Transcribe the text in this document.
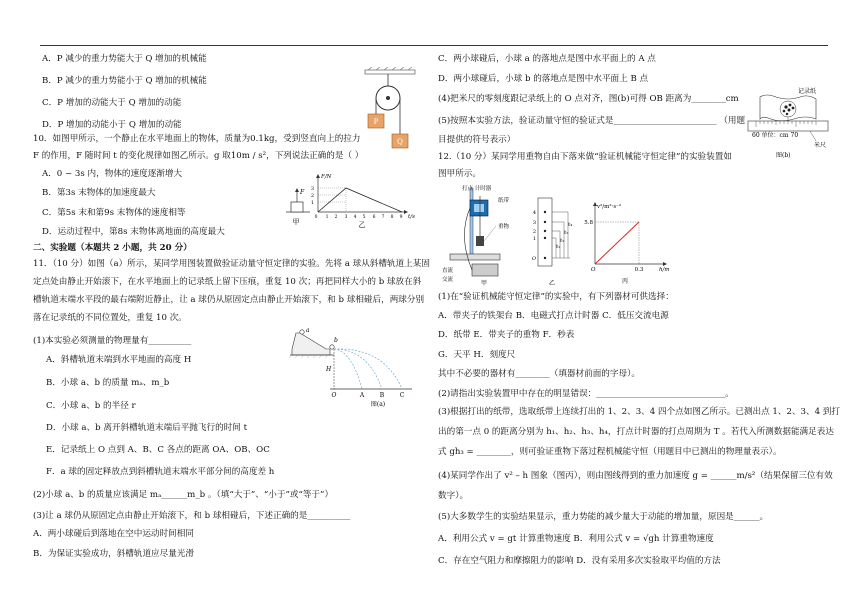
A．P 减少的重力势能大于 Q 增加的机械能
B．P 减少的重力势能小于 Q 增加的机械能
C．P 增加的动能大于 Q 增加的动能
D．P 增加的动能小于 Q 增加的动能
10．如图甲所示，一个静止在水平地面上的物体，质量为0.1kg，受到竖直向上的拉力
F 的作用，F 随时间 t 的变化规律如图乙所示。g 取10m / s²，下列说法正确的是（ ）
A．0 ~ 3s 内，物体的速度逐渐增大
B．第3s 末物体的加速度最大
C．第5s 末和第9s 末物体的速度相等
D．运动过程中，第8s 末物体离地面的高度最大
二、实验题（本题共 2 小题，共 20 分）
11．（10 分）如图（a）所示，某同学用图装置做验证动量守恒定律的实验。先将 a 球从斜槽轨道上某固
定点处由静止开始滚下，在水平地面上的记录纸上留下压痕，重复 10 次；再把同样大小的 b 球放在斜
槽轨道末端水平段的最右端附近静止，让 a 球仍从原固定点由静止开始滚下，和 b 球相碰后，两球分别
落在记录纸的不同位置处，重复 10 次。
(1)本实验必须测量的物理量有__________
A．斜槽轨道末端到水平地面的高度 H
B．小球 a、b 的质量 mₐ、m_b
C．小球 a、b 的半径 r
D．小球 a、b 离开斜槽轨道末端后平抛飞行的时间 t
E．记录纸上 O 点到 A、B、C 各点的距离 OA、OB、OC
F．a 球的固定释放点到斜槽轨道末端水平部分间的高度差 h
(2)小球 a、b 的质量应该满足 mₐ______m_b 。（填“大于”、“小于”或“等于”）
(3)让 a 球仍从原固定点由静止开始滚下，和 b 球相碰后，下述正确的是__________
A．两小球碰后到落地在空中运动时间相同
B．为保证实验成功，斜槽轨道应尽量光滑
C．两小球碰后，小球 a 的落地点是图中水平面上的 A 点
D．两小球碰后，小球 b 的落地点是图中水平面上 B 点
(4)把米尺的零刻度跟记录纸上的 O 点对齐，图(b)可得 OB 距离为________cm
(5)按照本实验方法，验证动量守恒的验证式是________________________ （用题
目提供的符号表示）
12.（10 分）某同学用重物自由下落来做“验证机械能守恒定律”的实验装置如
图甲所示。
(1)在“验证机械能守恒定律”的实验中，有下列器材可供选择：
A．带夹子的铁架台 B．电磁式打点计时器 C．低压交流电源
D．纸带 E．带夹子的重物 F．秒表
G．天平 H．刻度尺
其中不必要的器材有________（填器材前面的字母）。
(2)请指出实验装置甲中存在的明显错误：______________________________。
(3)根据打出的纸带，选取纸带上连续打出的 1、2、3、4 四个点如图乙所示。已测出点 1、2、3、4 到打
出的第一点 0 的距离分别为 h₁、h₂、h₃、h₄，打点计时器的打点周期为 T 。若代入所测数据能满足表达
式 gh₃ = ________，则可验证重物下落过程机械能守恒（用题目中已测出的物理量表示）。
(4)某同学作出了 v² – h 图象（图丙），则由图线得到的重力加速度 g = ______m/s²（结果保留三位有效
数字）。
(5)大多数学生的实验结果显示，重力势能的减少量大于动能的增加量，原因是______。
A．利用公式 v = gt 计算重物速度 B．利用公式 v = √gh 计算重物速度
C．存在空气阻力和摩擦阻力的影响 D．没有采用多次实验取平均值的方法
P
Q
F
甲
F/N
t/s
3
2
1
0 1 2 3 4 5 6 7 8 9
乙
a
b
H
O	A	B	C
图(a)
记录纸
60 单位：cm 70
米尺
图(b)
打点 计时器
纸带
重物
直流
交流	甲
4
3
2
1
O
h₁
h₂
h₃
h₄
乙
v²/m²·s⁻²
5.8
0.3	h/m
O
丙
